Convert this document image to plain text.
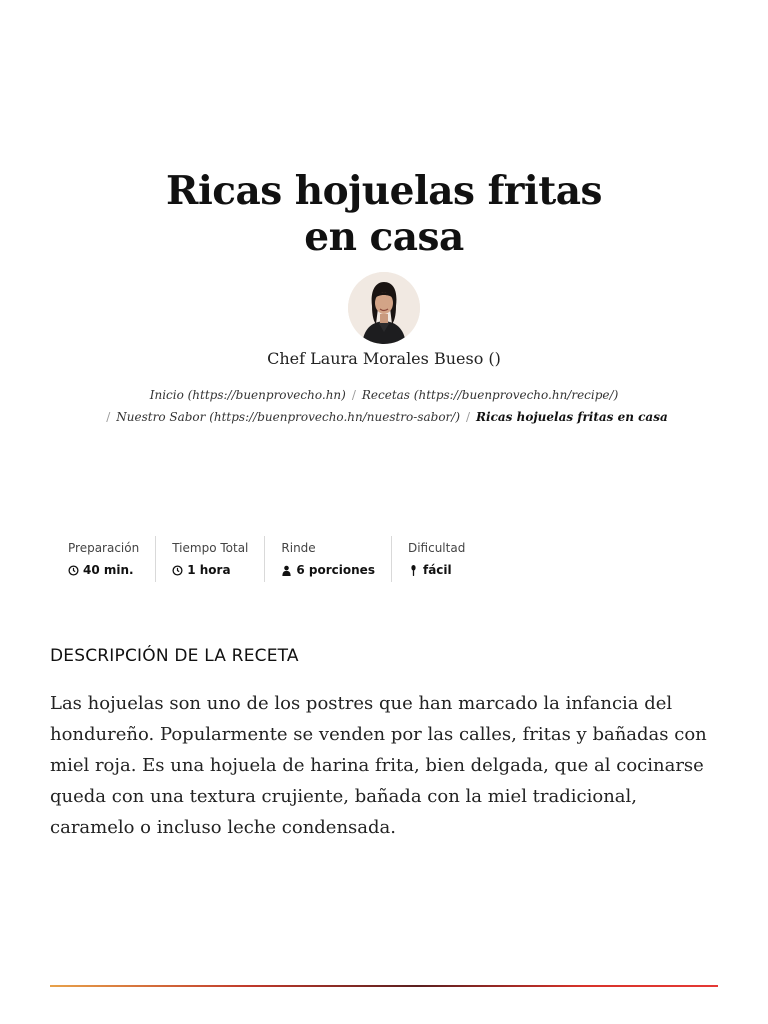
Ricas hojuelas fritas en casa
Chef Laura Morales Bueso ()
Inicio (https://buenprovecho.hn) / Recetas (https://buenprovecho.hn/recipe/)
/ Nuestro Sabor (https://buenprovecho.hn/nuestro-sabor/) / Ricas hojuelas fritas en casa
Preparación
40 min.
Tiempo Total
1 hora
Rinde
6 porciones
Dificultad
fácil
DESCRIPCIÓN DE LA RECETA

Las hojuelas son uno de los postres que han marcado la infancia del hondureño. Popularmente se venden por las calles, fritas y bañadas con miel roja. Es una hojuela de harina frita, bien delgada, que al cocinarse queda con una textura crujiente, bañada con la miel tradicional, caramelo o incluso leche condensada.
